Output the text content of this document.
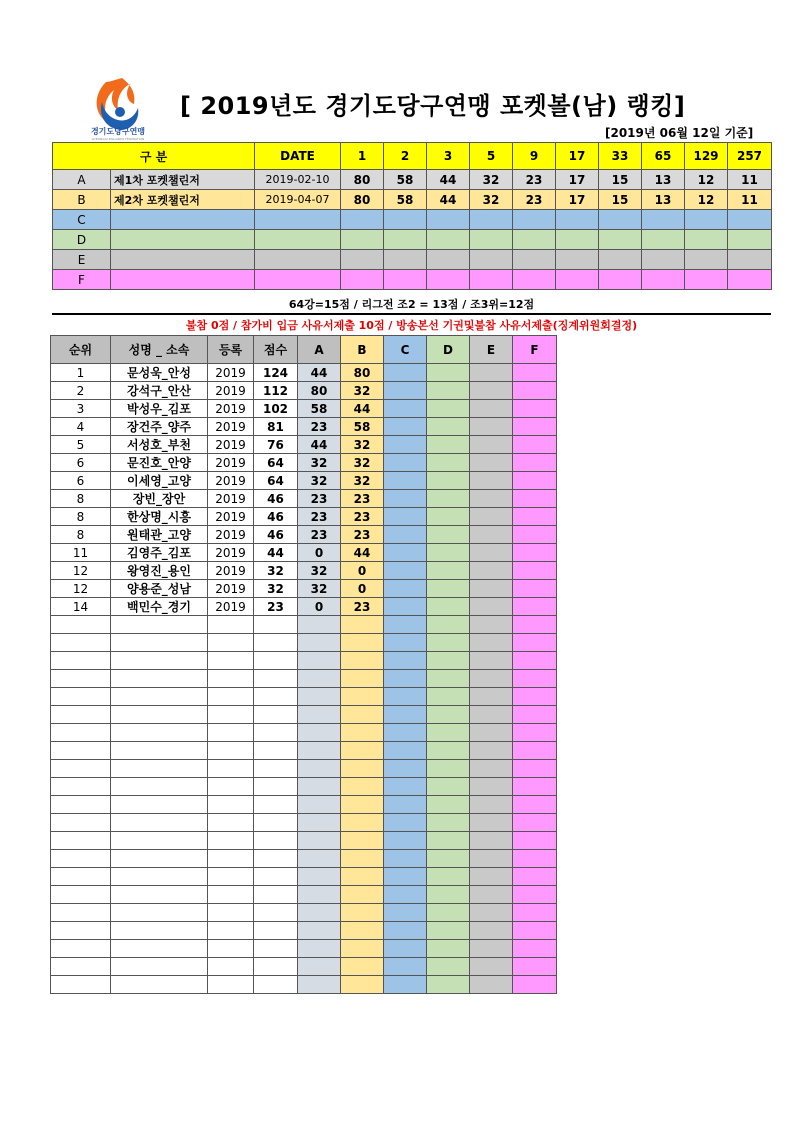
경기도당구연맹
GYEONGGI BILLIARDS FEDERATION
[ 2019년도 경기도당구연맹 포켓볼(남) 랭킹]
[2019년 06월 12일 기준]
구 분		DATE	1	2	3	5	9	17	33	65	129	257
A	제1차 포켓챌린저	2019-02-10	80	58	44	32	23	17	15	13	12	11
B	제2차 포켓챌린저	2019-04-07	80	58	44	32	23	17	15	13	12	11
C												
D												
E												
F												
64강=15점 / 리그전 조2 = 13점 / 조3위=12점
불참 0점 / 참가비 입금 사유서제출 10점 / 방송본선 기권및불참 사유서제출(징계위원회결정)
순위	성명 _ 소속	등록	점수	A	B	C	D	E	F
1	문성욱_안성	2019	124	44	80				
2	강석구_안산	2019	112	80	32				
3	박성우_김포	2019	102	58	44				
4	장건주_양주	2019	81	23	58				
5	서성호_부천	2019	76	44	32				
6	문진호_안양	2019	64	32	32				
6	이세영_고양	2019	64	32	32				
8	장빈_장안	2019	46	23	23				
8	한상명_시흥	2019	46	23	23				
8	원태관_고양	2019	46	23	23				
11	김영주_김포	2019	44	0	44				
12	왕영진_용인	2019	32	32	0				
12	양용준_성남	2019	32	32	0				
14	백민수_경기	2019	23	0	23				
